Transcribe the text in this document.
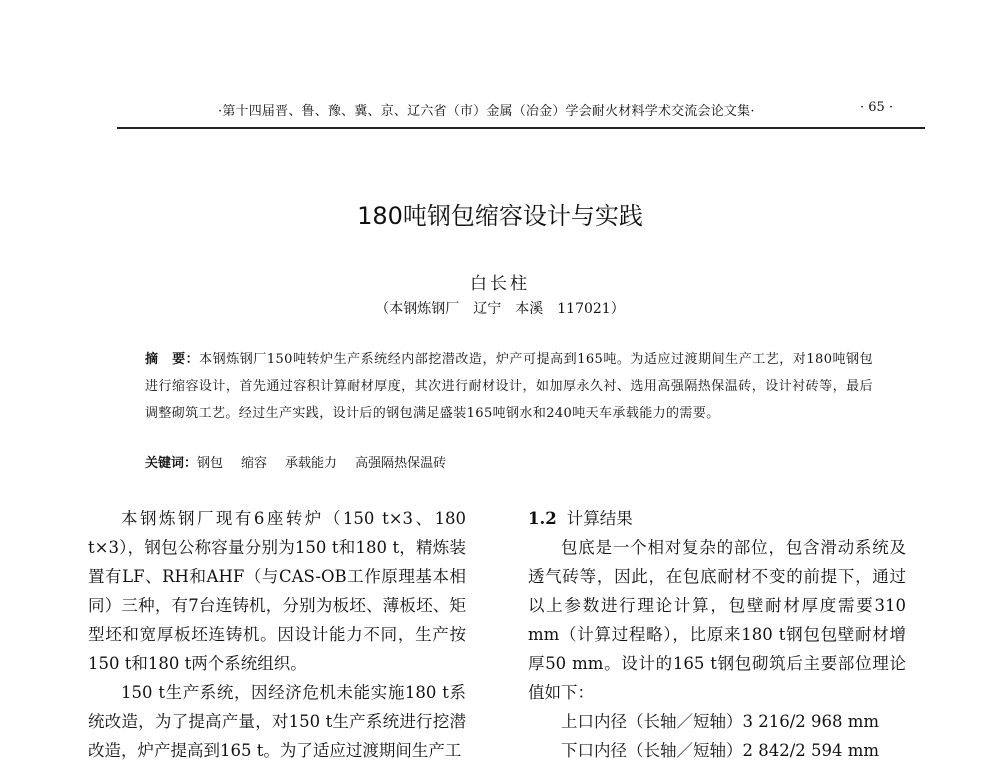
·第十四届晋、鲁、豫、冀、京、辽六省（市）金属（冶金）学会耐火材料学术交流会论文集·	· 65 ·
180吨钢包缩容设计与实践
白长柱
（本钢炼钢厂　辽宁　本溪　117021）
摘　要：本钢炼钢厂150吨转炉生产系统经内部挖潜改造，炉产可提高到165吨。为适应过渡期间生产工艺，对180吨钢包进行缩容设计，首先通过容积计算耐材厚度，其次进行耐材设计，如加厚永久衬、选用高强隔热保温砖，设计衬砖等，最后调整砌筑工艺。经过生产实践，设计后的钢包满足盛装165吨钢水和240吨天车承载能力的需要。
关键词：钢包 缩容 承载能力 高强隔热保温砖

本钢炼钢厂现有6座转炉（150 t×3、180 t×3），钢包公称容量分别为150 t和180 t，精炼装置有LF、RH和AHF（与CAS-OB工作原理基本相同）三种，有7台连铸机，分别为板坯、薄板坯、矩型坯和宽厚板坯连铸机。因设计能力不同，生产按150 t和180 t两个系统组织。

150 t生产系统，因经济危机未能实施180 t系统改造，为了提高产量，对150 t生产系统进行挖潜改造，炉产提高到165 t。为了适应过渡期间生产工

1.2 计算结果

包底是一个相对复杂的部位，包含滑动系统及透气砖等，因此，在包底耐材不变的前提下，通过以上参数进行理论计算，包壁耐材厚度需要310 mm（计算过程略），比原来180 t钢包包壁耐材增厚50 mm。设计的165 t钢包砌筑后主要部位理论值如下：

上口内径（长轴／短轴）3 216/2 968 mm

下口内径（长轴／短轴）2 842/2 594 mm
